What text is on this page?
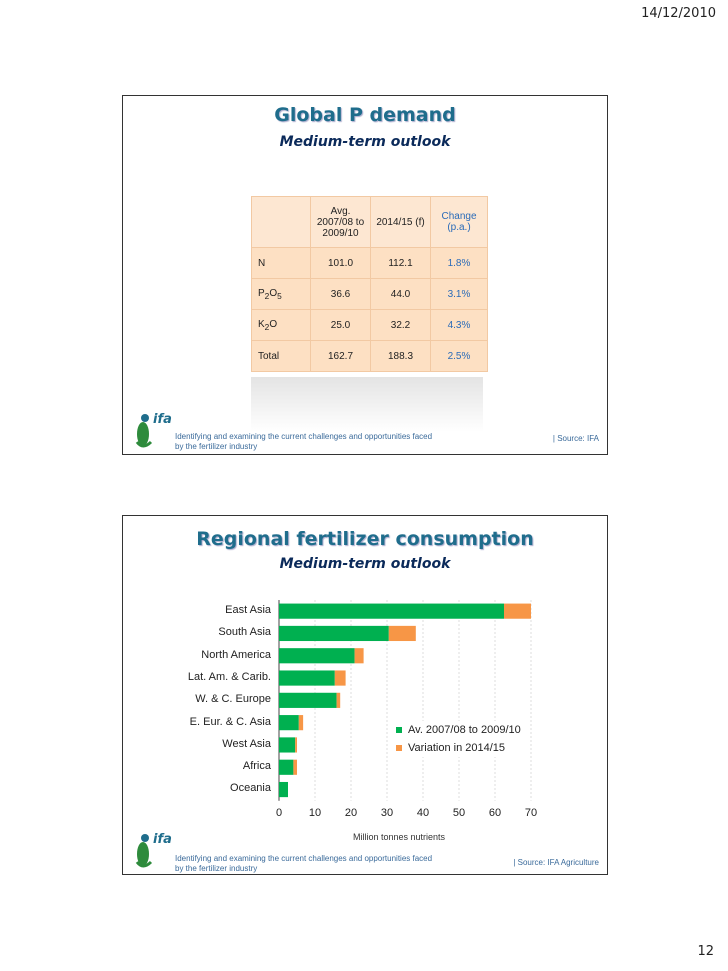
14/12/2010
Global P demand
Medium-term outlook
	Avg. 2007/08 to 2009/10	2014/15 (f)	Change (p.a.)
N	101.0	112.1	1.8%
$P_2O_5$	36.6	44.0	3.1%
$K_2O$	25.0	32.2	4.3%
Total	162.7	188.3	2.5%
ifa
Identifying and examining the current challenges and opportunities faced by the fertilizer industry
| Source: IFA
Regional fertilizer consumption
Medium-term outlook
Av. 2007/08 to 2009/10
Variation in 2014/15
Million tonnes nutrients
0	10	20	30	40	50	60	70
East Asia
South Asia
North America
Lat. Am. & Carib.
W. & C. Europe
E. Eur. & C. Asia
West Asia
Africa
Oceania
ifa
Identifying and examining the current challenges and opportunities faced by the fertilizer industry
| Source: IFA Agriculture
12
